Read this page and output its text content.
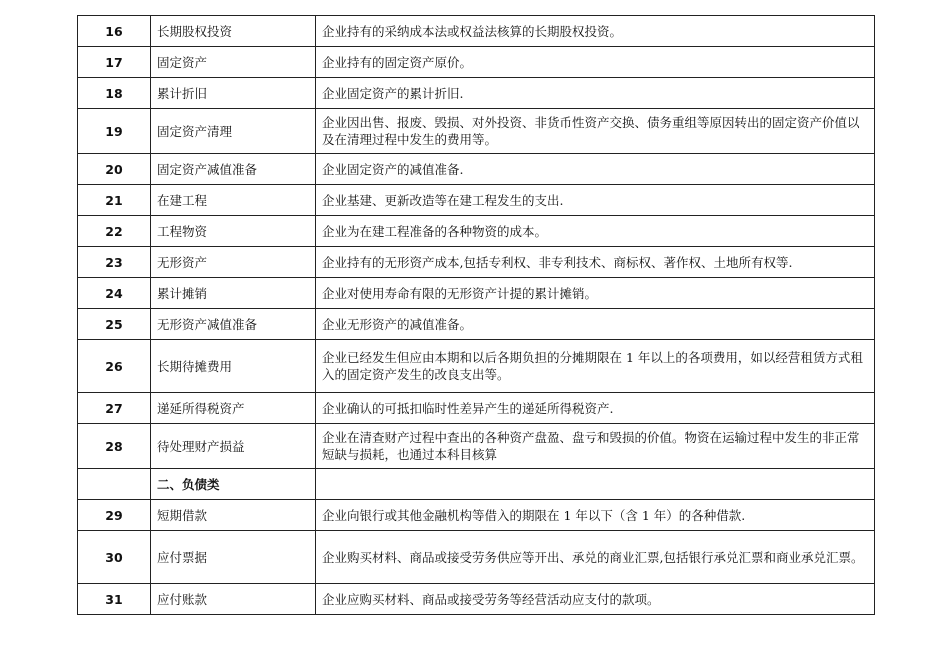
16	长期股权投资	企业持有的采纳成本法或权益法核算的长期股权投资。
17	固定资产	企业持有的固定资产原价。
18	累计折旧	企业固定资产的累计折旧.
19	固定资产清理	企业因出售、报废、毁损、对外投资、非货币性资产交换、债务重组等原因转出的固定资产价值以及在清理过程中发生的费用等。
20	固定资产减值准备	企业固定资产的减值准备.
21	在建工程	企业基建、更新改造等在建工程发生的支出.
22	工程物资	企业为在建工程准备的各种物资的成本。
23	无形资产	企业持有的无形资产成本,包括专利权、非专利技术、商标权、著作权、土地所有权等.
24	累计摊销	企业对使用寿命有限的无形资产计提的累计摊销。
25	无形资产减值准备	企业无形资产的减值准备。
26	长期待摊费用	企业已经发生但应由本期和以后各期负担的分摊期限在 1 年以上的各项费用，如以经营租赁方式租入的固定资产发生的改良支出等。
27	递延所得税资产	企业确认的可抵扣临时性差异产生的递延所得税资产.
28	待处理财产损益	企业在清查财产过程中查出的各种资产盘盈、盘亏和毁损的价值。物资在运输过程中发生的非正常短缺与损耗，也通过本科目核算
	二、负债类	
29	短期借款	企业向银行或其他金融机构等借入的期限在 1 年以下（含 1 年）的各种借款.
30	应付票据	企业购买材料、商品或接受劳务供应等开出、承兑的商业汇票,包括银行承兑汇票和商业承兑汇票。
31	应付账款	企业应购买材料、商品或接受劳务等经营活动应支付的款项。
